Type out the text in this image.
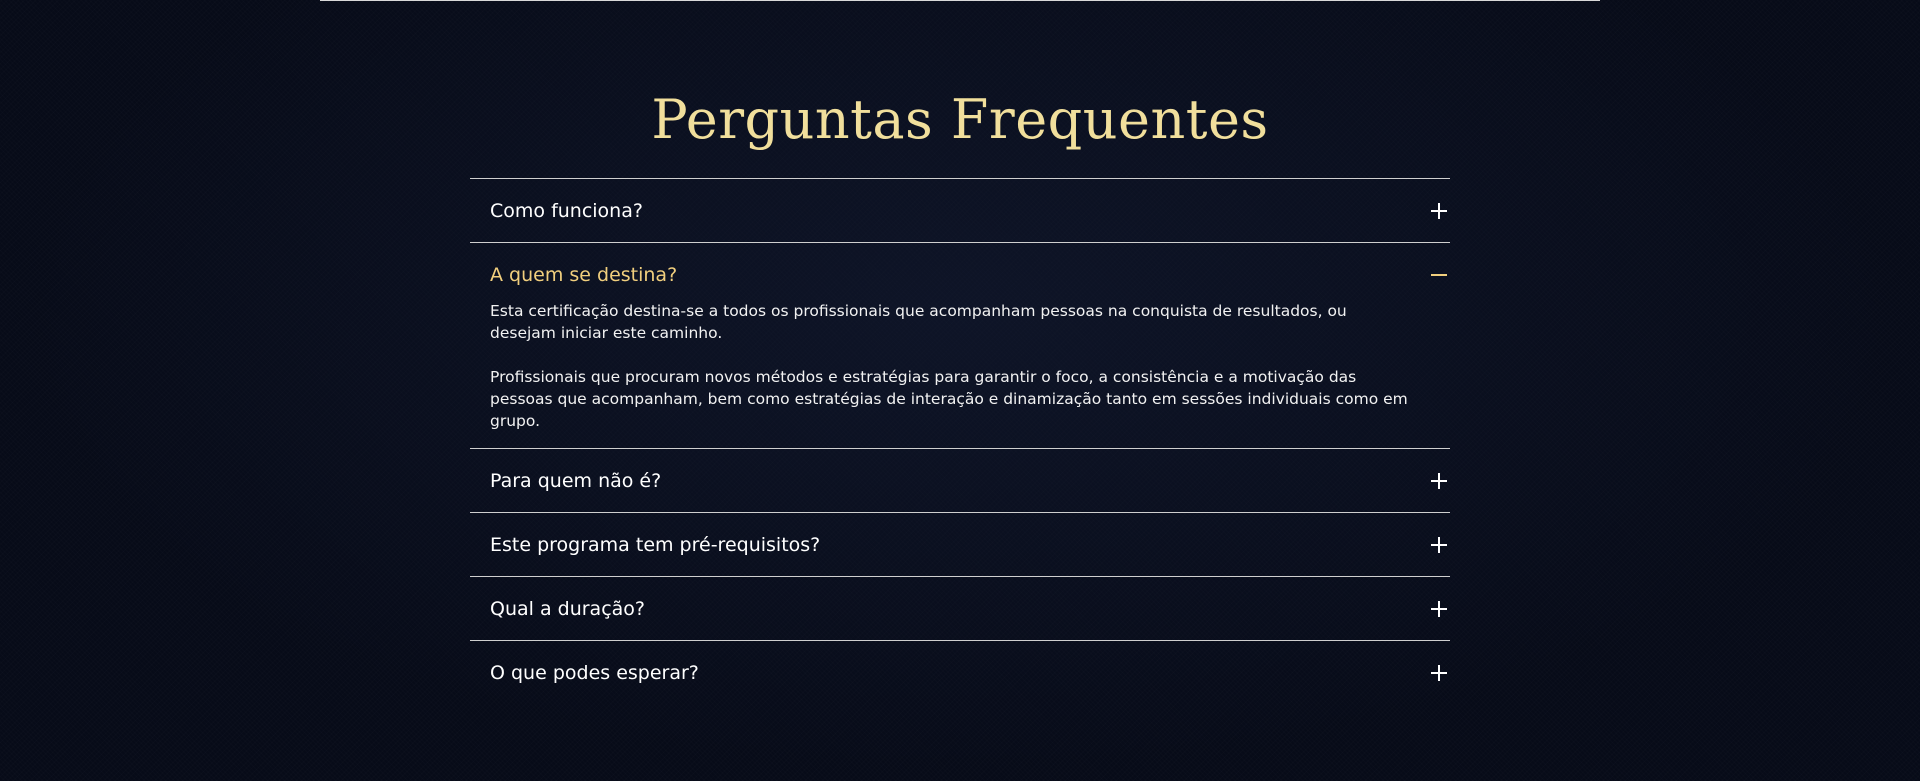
Perguntas Frequentes
Como funciona?
A quem se destina?

Esta certificação destina-se a todos os profissionais que acompanham pessoas na conquista de resultados, ou desejam iniciar este caminho.

Profissionais que procuram novos métodos e estratégias para garantir o foco, a consistência e a motivação das pessoas que acompanham, bem como estratégias de interação e dinamização tanto em sessões individuais como em grupo.

Para quem não é?
Este programa tem pré-requisitos?
Qual a duração?
O que podes esperar?
